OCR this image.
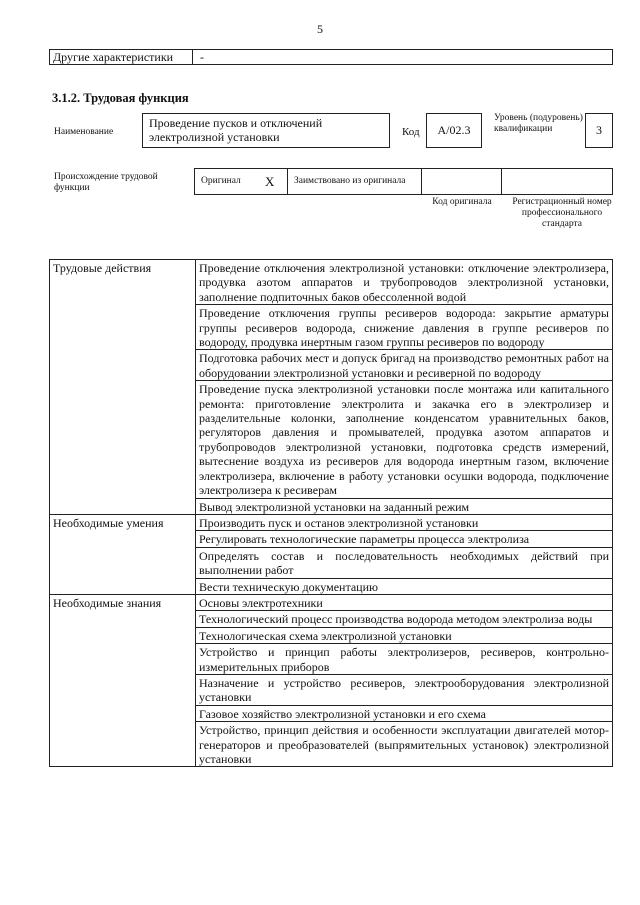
5
Другие характеристики -
3.1.2. Трудовая функция
Наименование
Проведение пусков и отключений электролизной установки	Код	A/02.3
Уровень (подуровень) квалификации	3
Происхождение трудовой функции
Оригинал X	Заимствовано из оригинала
Код оригинала	Регистрационный номер профессионального стандарта
Трудовые действия	Проведение отключения электролизной установки: отключение электролизера, продувка азотом аппаратов и трубопроводов электролизной установки, заполнение подпиточных баков обессоленной водой
	Проведение отключения группы ресиверов водорода: закрытие арматуры группы ресиверов водорода, снижение давления в группе ресиверов по водороду, продувка инертным газом группы ресиверов по водороду
	Подготовка рабочих мест и допуск бригад на производство ремонтных работ на оборудовании электролизной установки и ресиверной по водороду
	Проведение пуска электролизной установки после монтажа или капитального ремонта: приготовление электролита и закачка его в электролизер и разделительные колонки, заполнение конденсатом уравнительных баков, регуляторов давления и промывателей, продувка азотом аппаратов и трубопроводов электролизной установки, подготовка средств измерений, вытеснение воздуха из ресиверов для водорода инертным газом, включение электролизера, включение в работу установки осушки водорода, подключение электролизера к ресиверам
	Вывод электролизной установки на заданный режим
Необходимые умения	Производить пуск и останов электролизной установки
	Регулировать технологические параметры процесса электролиза
	Определять состав и последовательность необходимых действий при выполнении работ
	Вести техническую документацию
Необходимые знания	Основы электротехники
	Технологический процесс производства водорода методом электролиза воды
	Технологическая схема электролизной установки
	Устройство и принцип работы электролизеров, ресиверов, контрольно-измерительных приборов
	Назначение и устройство ресиверов, электрооборудования электролизной установки
	Газовое хозяйство электролизной установки и его схема
	Устройство, принцип действия и особенности эксплуатации двигателей мотор-генераторов и преобразователей (выпрямительных установок) электролизной установки
